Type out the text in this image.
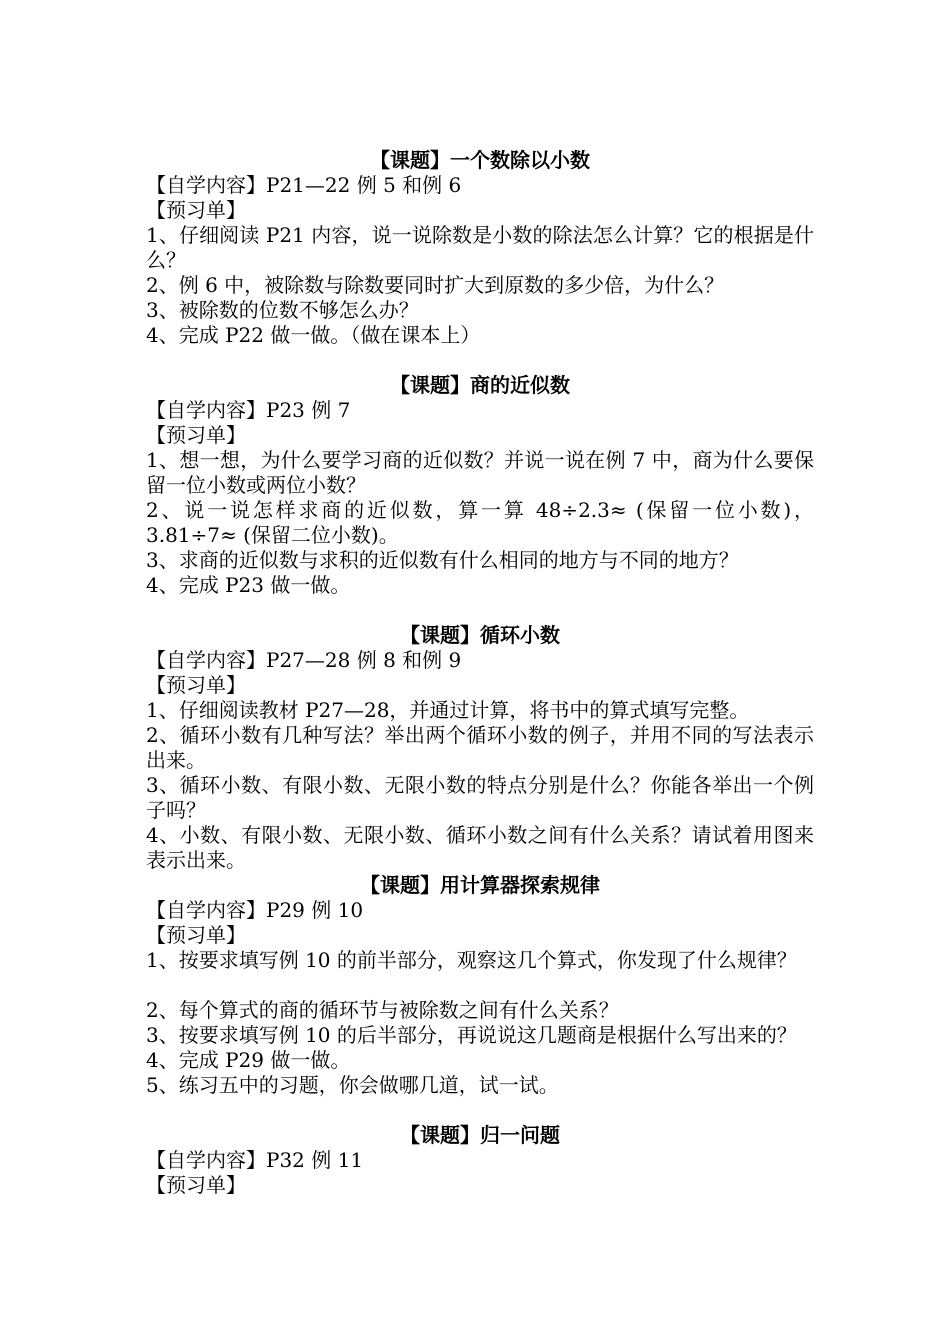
【课题】一个数除以小数

【自学内容】P21—22 例 5 和例 6

【预习单】

1、仔细阅读 P21 内容，说一说除数是小数的除法怎么计算？它的根据是什么？

2、例 6 中，被除数与除数要同时扩大到原数的多少倍，为什么？

3、被除数的位数不够怎么办？

4、完成 P22 做一做。（做在课本上）

【课题】商的近似数

【自学内容】P23 例 7

【预习单】

1、想一想，为什么要学习商的近似数？并说一说在例 7 中，商为什么要保留一位小数或两位小数？

2、说一说怎样求商的近似数，算一算 48÷2.3≈ (保留一位小数)，3.81÷7≈ (保留二位小数)。

3、求商的近似数与求积的近似数有什么相同的地方与不同的地方？

4、完成 P23 做一做。

【课题】循环小数

【自学内容】P27—28 例 8 和例 9

【预习单】

1、仔细阅读教材 P27—28，并通过计算，将书中的算式填写完整。

2、循环小数有几种写法？举出两个循环小数的例子，并用不同的写法表示出来。

3、循环小数、有限小数、无限小数的特点分别是什么？你能各举出一个例子吗？

4、小数、有限小数、无限小数、循环小数之间有什么关系？请试着用图来表示出来。

【课题】用计算器探索规律

【自学内容】P29 例 10

【预习单】

1、按要求填写例 10 的前半部分，观察这几个算式，你发现了什么规律？

2、每个算式的商的循环节与被除数之间有什么关系？

3、按要求填写例 10 的后半部分，再说说这几题商是根据什么写出来的？

4、完成 P29 做一做。

5、练习五中的习题，你会做哪几道，试一试。

【课题】归一问题

【自学内容】P32 例 11

【预习单】
